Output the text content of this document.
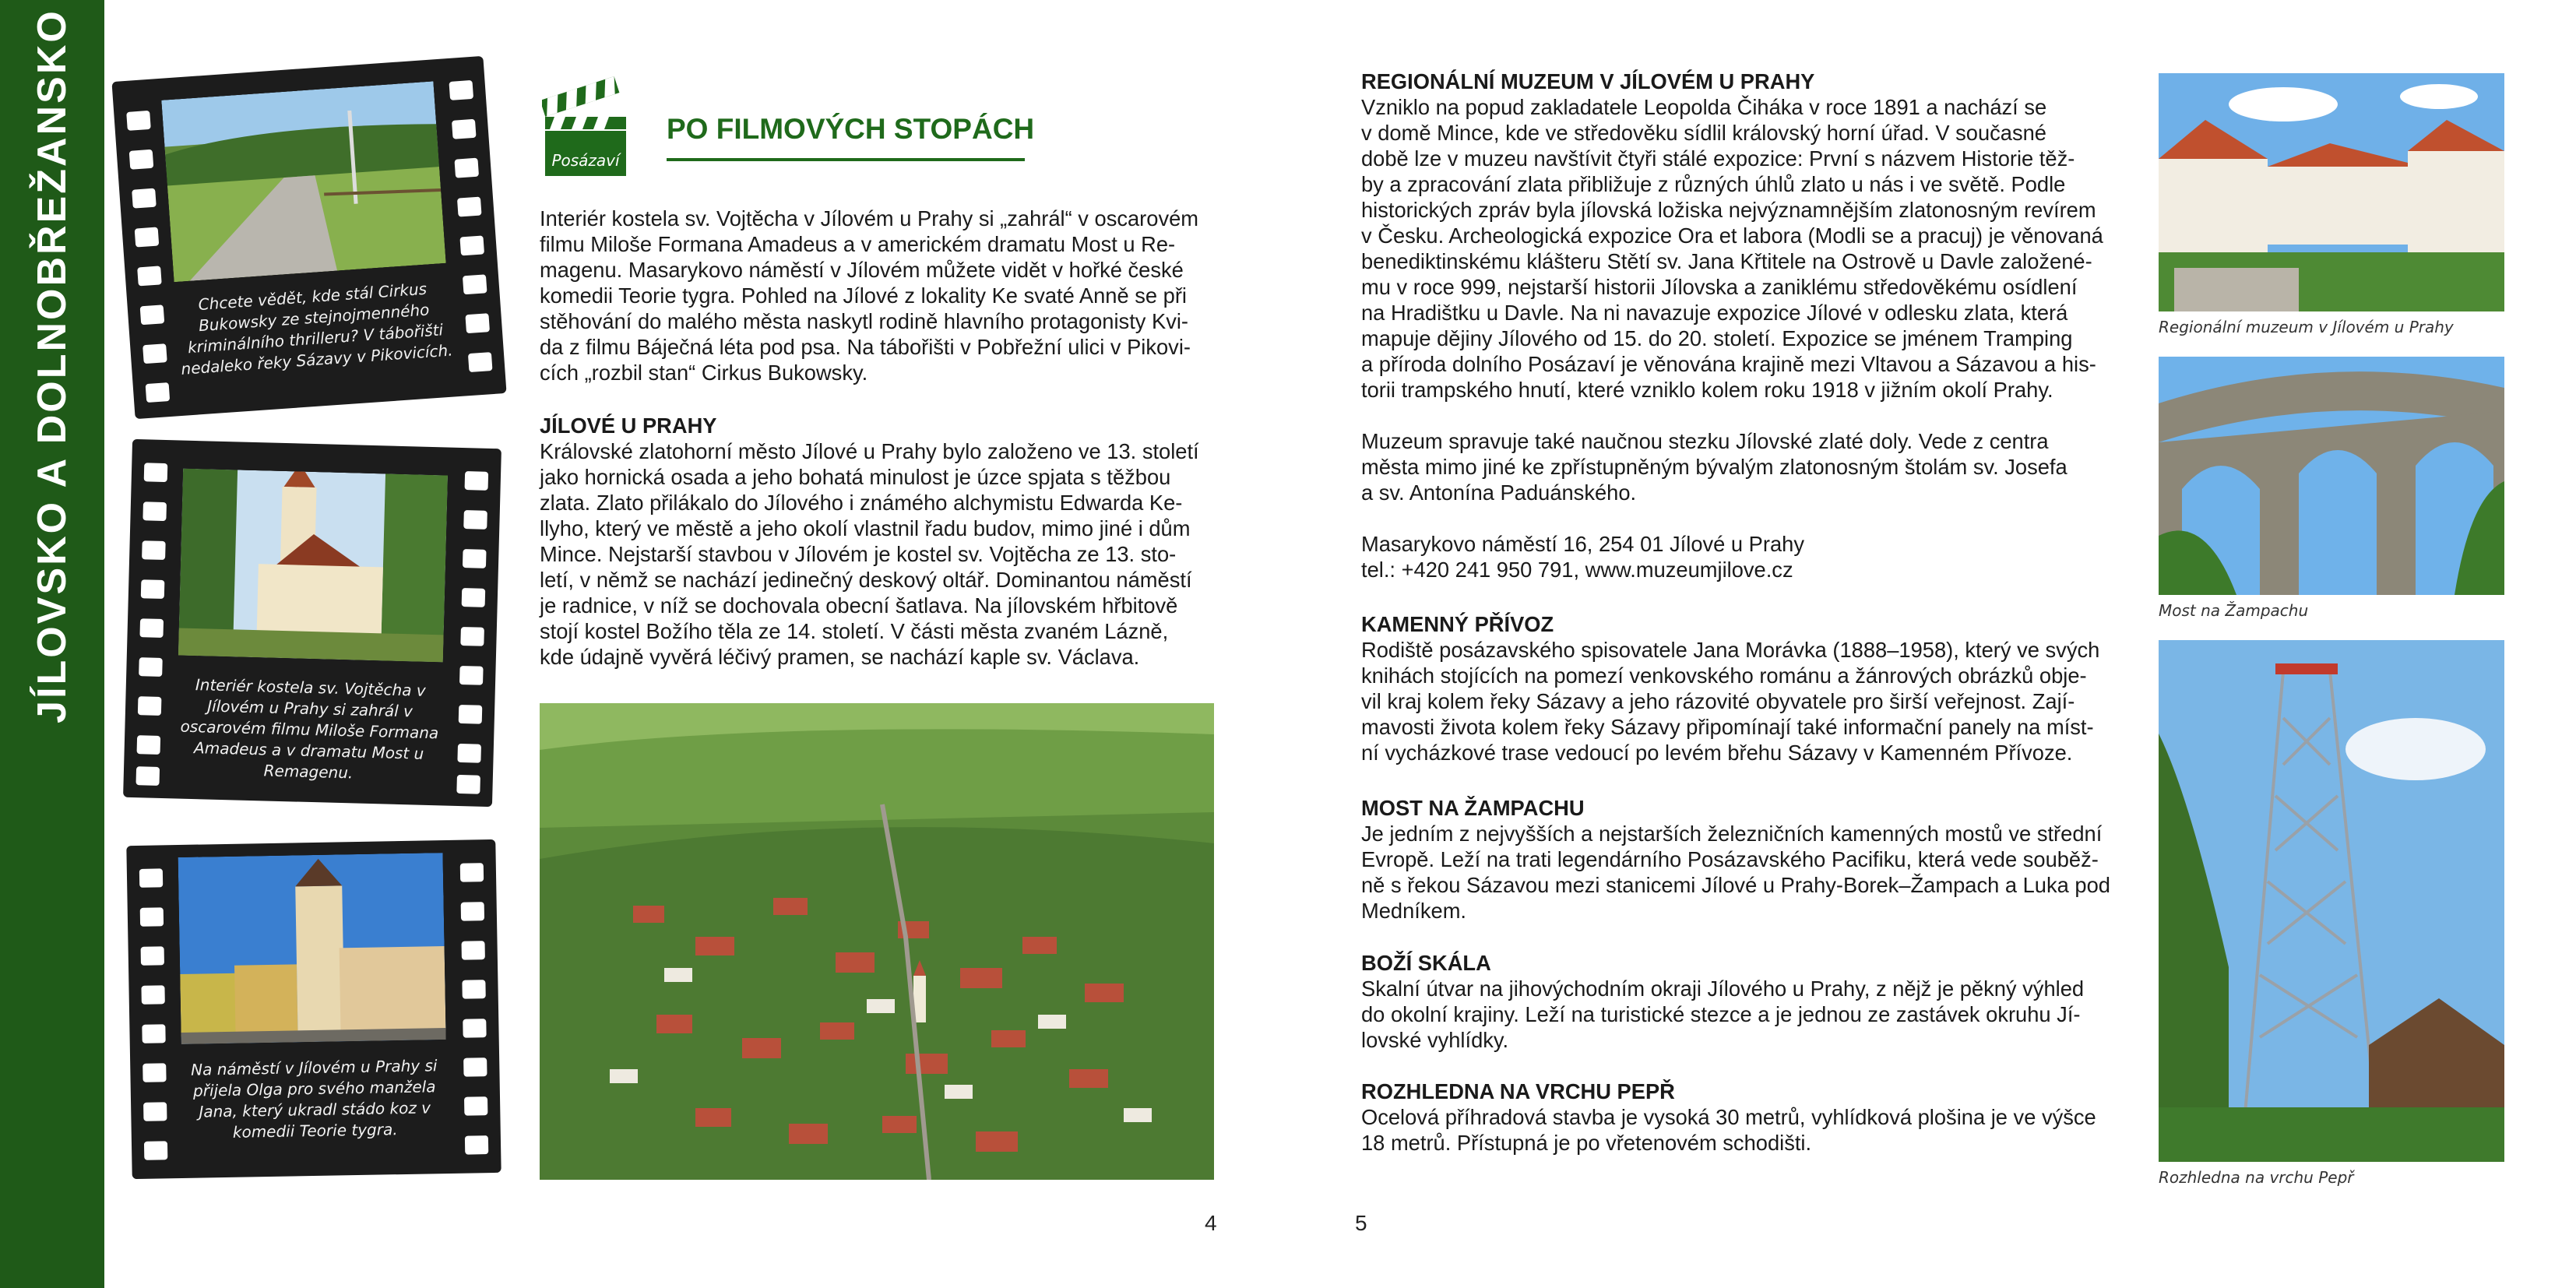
JÍLOVSKO A DOLNOBŘEŽANSKO	Chcete vědět, kde stál Cirkus Bukowsky ze stejnojmenného kriminálního thrilleru? V tábořišti nedaleko řeky Sázavy v Pikovicích.
Interiér kostela sv. Vojtěcha v Jílovém u Prahy si zahrál v oscarovém filmu Miloše Formana Amadeus a v dramatu Most u Remagenu.
Na náměstí v Jílovém u Prahy si přijela Olga pro svého manžela Jana, který ukradl stádo koz v komedii Teorie tygra.
Posázaví
PO FILMOVÝCH STOPÁCH
Interiér kostela sv. Vojtěcha v Jílovém u Prahy si „zahrál“ v oscarovém
filmu Miloše Formana Amadeus a v americkém dramatu Most u Re-
magenu. Masarykovo náměstí v Jílovém můžete vidět v hořké české
komedii Teorie tygra. Pohled na Jílové z lokality Ke svaté Anně se při
stěhování do malého města naskytl rodině hlavního protagonisty Kvi-
da z filmu Báječná léta pod psa. Na tábořišti v Pobřežní ulici v Pikovi-
cích „rozbil stan“ Cirkus Bukowsky.
JÍLOVÉ U PRAHY
Královské zlatohorní město Jílové u Prahy bylo založeno ve 13. století
jako hornická osada a jeho bohatá minulost je úzce spjata s těžbou
zlata. Zlato přilákalo do Jílového i známého alchymistu Edwarda Ke-
llyho, který ve městě a jeho okolí vlastnil řadu budov, mimo jiné i dům
Mince. Nejstarší stavbou v Jílovém je kostel sv. Vojtěcha ze 13. sto-
letí, v němž se nachází jedinečný deskový oltář. Dominantou náměstí
je radnice, v níž se dochovala obecní šatlava. Na jílovském hřbitově
stojí kostel Božího těla ze 14. století. V části města zvaném Lázně,
kde údajně vyvěrá léčivý pramen, se nachází kaple sv. Václava.
4	5
REGIONÁLNÍ MUZEUM V JÍLOVÉM U PRAHY
Vzniklo na popud zakladatele Leopolda Čiháka v roce 1891 a nachází se
v domě Mince, kde ve středověku sídlil královský horní úřad. V současné
době lze v muzeu navštívit čtyři stálé expozice: První s názvem Historie těž-
by a zpracování zlata přibližuje z různých úhlů zlato u nás i ve světě. Podle
historických zpráv byla jílovská ložiska nejvýznamnějším zlatonosným revírem
v Česku. Archeologická expozice Ora et labora (Modli se a pracuj) je věnovaná
benediktinskému klášteru Stětí sv. Jana Křtitele na Ostrově u Davle založené-
mu v roce 999, nejstarší historii Jílovska a zaniklému středověkému osídlení
na Hradištku u Davle. Na ni navazuje expozice Jílové v odlesku zlata, která
mapuje dějiny Jílového od 15. do 20. století. Expozice se jménem Tramping
a příroda dolního Posázaví je věnována krajině mezi Vltavou a Sázavou a his-
torii trampského hnutí, které vzniklo kolem roku 1918 v jižním okolí Prahy.
Muzeum spravuje také naučnou stezku Jílovské zlaté doly. Vede z centra
města mimo jiné ke zpřístupněným bývalým zlatonosným štolám sv. Josefa
a sv. Antonína Paduánského.
Masarykovo náměstí 16, 254 01 Jílové u Prahy
tel.: +420 241 950 791, www.muzeumjilove.cz
KAMENNÝ PŘÍVOZ
Rodiště posázavského spisovatele Jana Morávka (1888–1958), který ve svých
knihách stojících na pomezí venkovského románu a žánrových obrázků obje-
vil kraj kolem řeky Sázavy a jeho rázovité obyvatele pro širší veřejnost. Zají-
mavosti života kolem řeky Sázavy připomínají také informační panely na míst-
ní vycházkové trase vedoucí po levém břehu Sázavy v Kamenném Přívoze.
MOST NA ŽAMPACHU
Je jedním z nejvyšších a nejstarších železničních kamenných mostů ve střední
Evropě. Leží na trati legendárního Posázavského Pacifiku, která vede souběž-
ně s řekou Sázavou mezi stanicemi Jílové u Prahy-Borek–Žampach a Luka pod
Medníkem.
BOŽÍ SKÁLA
Skalní útvar na jihovýchodním okraji Jílového u Prahy, z nějž je pěkný výhled
do okolní krajiny. Leží na turistické stezce a je jednou ze zastávek okruhu Jí-
lovské vyhlídky.
ROZHLEDNA NA VRCHU PEPŘ
Ocelová příhradová stavba je vysoká 30 metrů, vyhlídková plošina je ve výšce
18 metrů. Přístupná je po vřetenovém schodišti.
Regionální muzeum v Jílovém u Prahy
Most na Žampachu
Rozhledna na vrchu Pepř
